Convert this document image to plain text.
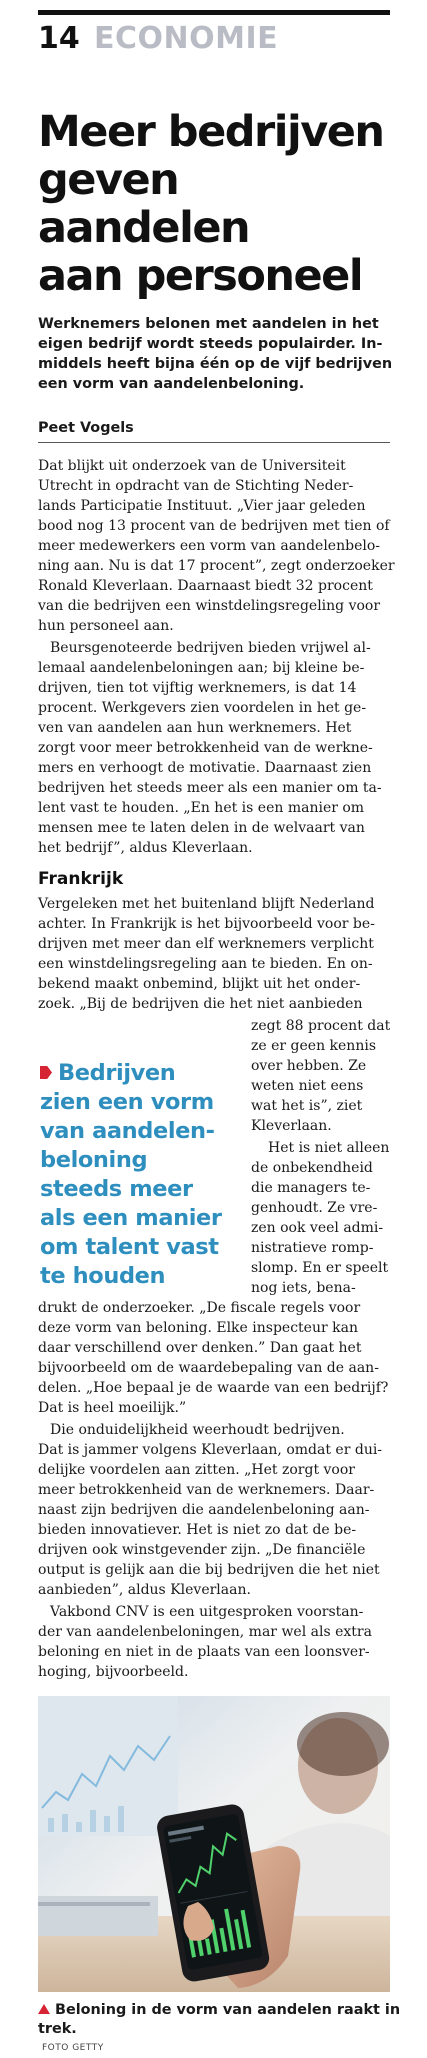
14 ECONOMIE
Meer bedrijven
geven aandelen
aan personeel
Werknemers belonen met aandelen in het
eigen bedrijf wordt steeds populairder. In-
middels heeft bijna één op de vijf bedrijven
een vorm van aandelenbeloning.
Peet Vogels
Dat blijkt uit onderzoek van de Universiteit
Utrecht in opdracht van de Stichting Neder-
lands Participatie Instituut. „Vier jaar geleden
bood nog 13 procent van de bedrijven met tien of
meer medewerkers een vorm van aandelenbelo-
ning aan. Nu is dat 17 procent”, zegt onderzoeker
Ronald Kleverlaan. Daarnaast biedt 32 procent
van die bedrijven een winstdelingsregeling voor
hun personeel aan.
Beursgenoteerde bedrijven bieden vrijwel al-
lemaal aandelenbeloningen aan; bij kleine be-
drijven, tien tot vijftig werknemers, is dat 14
procent. Werkgevers zien voordelen in het ge-
ven van aandelen aan hun werknemers. Het
zorgt voor meer betrokkenheid van de werkne-
mers en verhoogt de motivatie. Daarnaast zien
bedrijven het steeds meer als een manier om ta-
lent vast te houden. „En het is een manier om
mensen mee te laten delen in de welvaart van
het bedrijf”, aldus Kleverlaan.
Frankrijk
Vergeleken met het buitenland blijft Nederland
achter. In Frankrijk is het bijvoorbeeld voor be-
drijven met meer dan elf werknemers verplicht
een winstdelingsregeling aan te bieden. En on-
bekend maakt onbemind, blijkt uit het onder-
zoek. „Bij de bedrijven die het niet aanbieden
Bedrijven
zien een vorm
van aandelen-
beloning
steeds meer
als een manier
om talent vast
te houden
zegt 88 procent dat
ze er geen kennis
over hebben. Ze
weten niet eens
wat het is”, ziet
Kleverlaan.
Het is niet alleen
de onbekendheid
die managers te-
genhoudt. Ze vre-
zen ook veel admi-
nistratieve romp-
slomp. En er speelt
nog iets, bena-
drukt de onderzoeker. „De fiscale regels voor
deze vorm van beloning. Elke inspecteur kan
daar verschillend over denken.” Dan gaat het
bijvoorbeeld om de waardebepaling van de aan-
delen. „Hoe bepaal je de waarde van een bedrijf?
Dat is heel moeilijk.”
Die onduidelijkheid weerhoudt bedrijven.
Dat is jammer volgens Kleverlaan, omdat er dui-
delijke voordelen aan zitten. „Het zorgt voor
meer betrokkenheid van de werknemers. Daar-
naast zijn bedrijven die aandelenbeloning aan-
bieden innovatiever. Het is niet zo dat de be-
drijven ook winstgevender zijn. „De financiële
output is gelijk aan die bij bedrijven die het niet
aanbieden”, aldus Kleverlaan.
Vakbond CNV is een uitgesproken voorstan-
der van aandelenbeloningen, mar wel als extra
beloning en niet in de plaats van een loonsver-
hoging, bijvoorbeeld.
Beloning in de vorm van aandelen raakt in
trek.
FOTO GETTY
